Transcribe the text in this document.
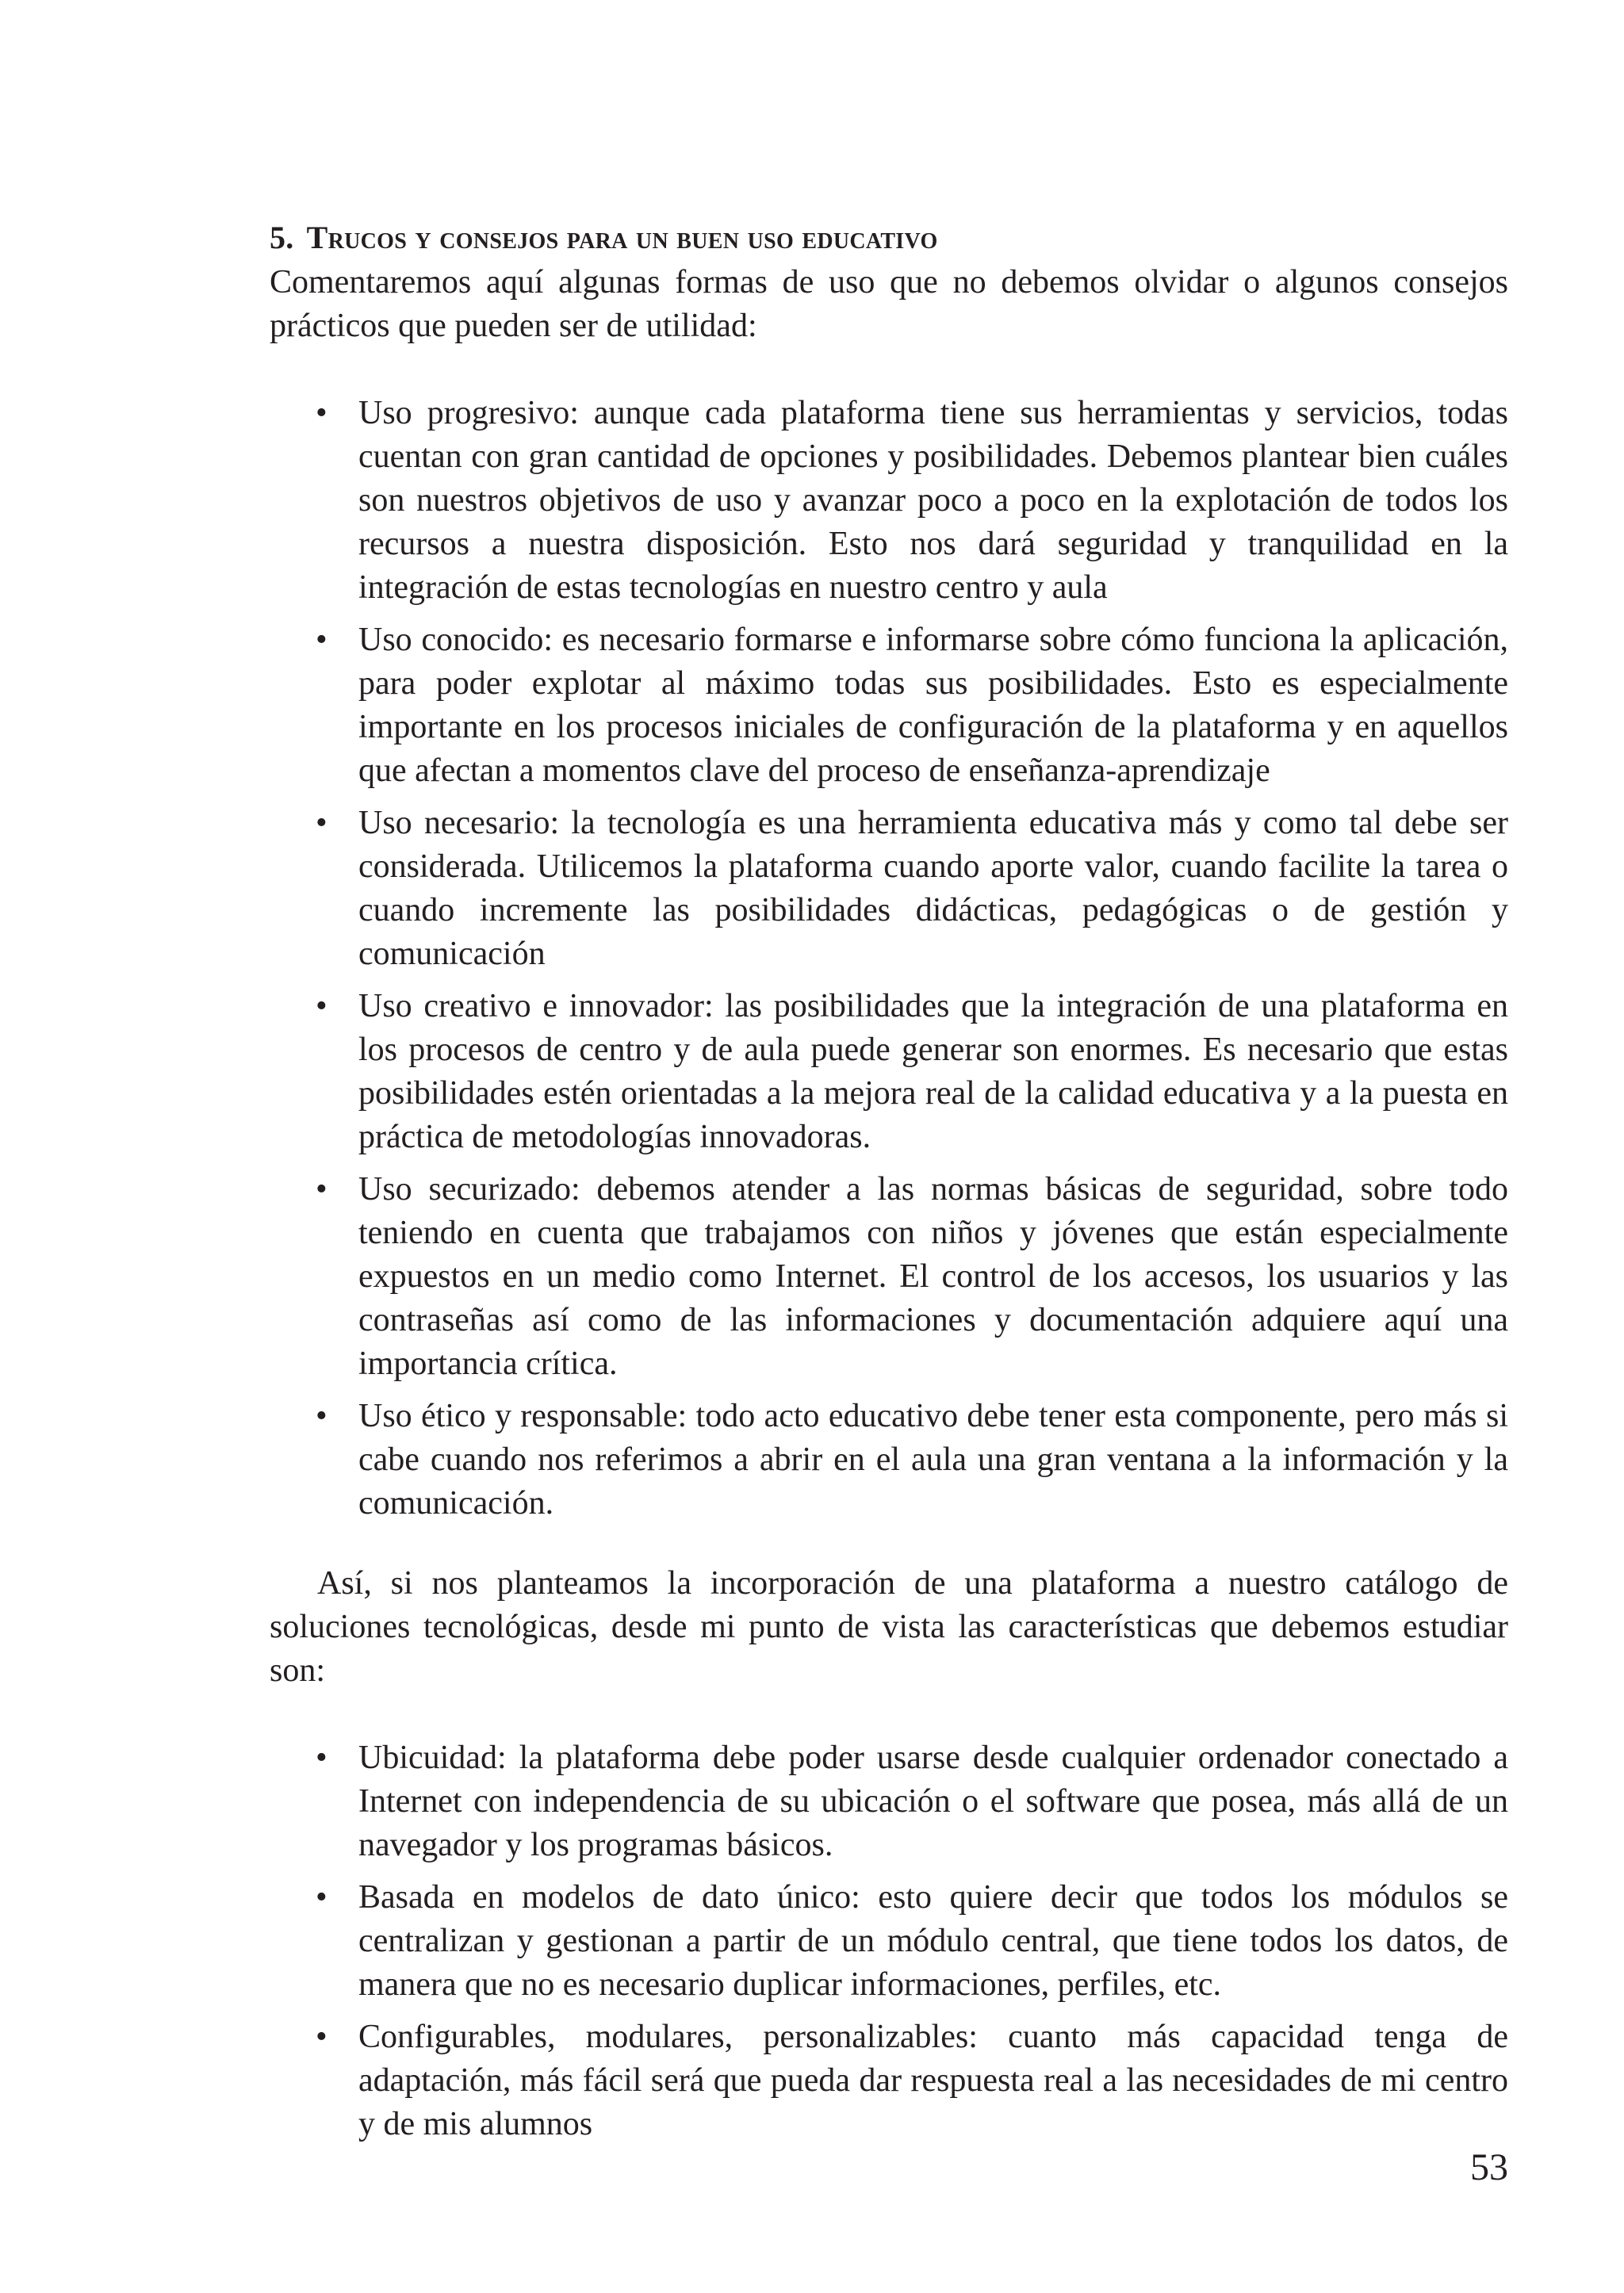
5. Trucos y consejos para un buen uso educativo

Comentaremos aquí algunas formas de uso que no debemos olvidar o algunos consejos prácticos que pueden ser de utilidad:

• Uso progresivo: aunque cada plataforma tiene sus herramientas y servicios, todas cuentan con gran cantidad de opciones y posibilidades. Debemos plantear bien cuáles son nuestros objetivos de uso y avanzar poco a poco en la explotación de todos los recursos a nuestra disposición. Esto nos dará seguridad y tranquilidad en la integración de estas tecnologías en nuestro centro y aula
• Uso conocido: es necesario formarse e informarse sobre cómo funciona la aplicación, para poder explotar al máximo todas sus posibilidades. Esto es especialmente importante en los procesos iniciales de configuración de la plataforma y en aquellos que afectan a momentos clave del proceso de enseñanza-aprendizaje
• Uso necesario: la tecnología es una herramienta educativa más y como tal debe ser considerada. Utilicemos la plataforma cuando aporte valor, cuando facilite la tarea o cuando incremente las posibilidades didácticas, pedagógicas o de gestión y comunicación
• Uso creativo e innovador: las posibilidades que la integración de una plataforma en los procesos de centro y de aula puede generar son enormes. Es necesario que estas posibilidades estén orientadas a la mejora real de la calidad educativa y a la puesta en práctica de metodologías innovadoras.
• Uso securizado: debemos atender a las normas básicas de seguridad, sobre todo teniendo en cuenta que trabajamos con niños y jóvenes que están especialmente expuestos en un medio como Internet. El control de los accesos, los usuarios y las contraseñas así como de las informaciones y documentación adquiere aquí una importancia crítica.
• Uso ético y responsable: todo acto educativo debe tener esta componente, pero más si cabe cuando nos referimos a abrir en el aula una gran ventana a la información y la comunicación.

Así, si nos planteamos la incorporación de una plataforma a nuestro catálogo de soluciones tecnológicas, desde mi punto de vista las características que debemos estudiar son:

• Ubicuidad: la plataforma debe poder usarse desde cualquier ordenador conectado a Internet con independencia de su ubicación o el software que posea, más allá de un navegador y los programas básicos.
• Basada en modelos de dato único: esto quiere decir que todos los módulos se centralizan y gestionan a partir de un módulo central, que tiene todos los datos, de manera que no es necesario duplicar informaciones, perfiles, etc.
• Configurables, modulares, personalizables: cuanto más capacidad tenga de adaptación, más fácil será que pueda dar respuesta real a las necesidades de mi centro y de mis alumnos
53
